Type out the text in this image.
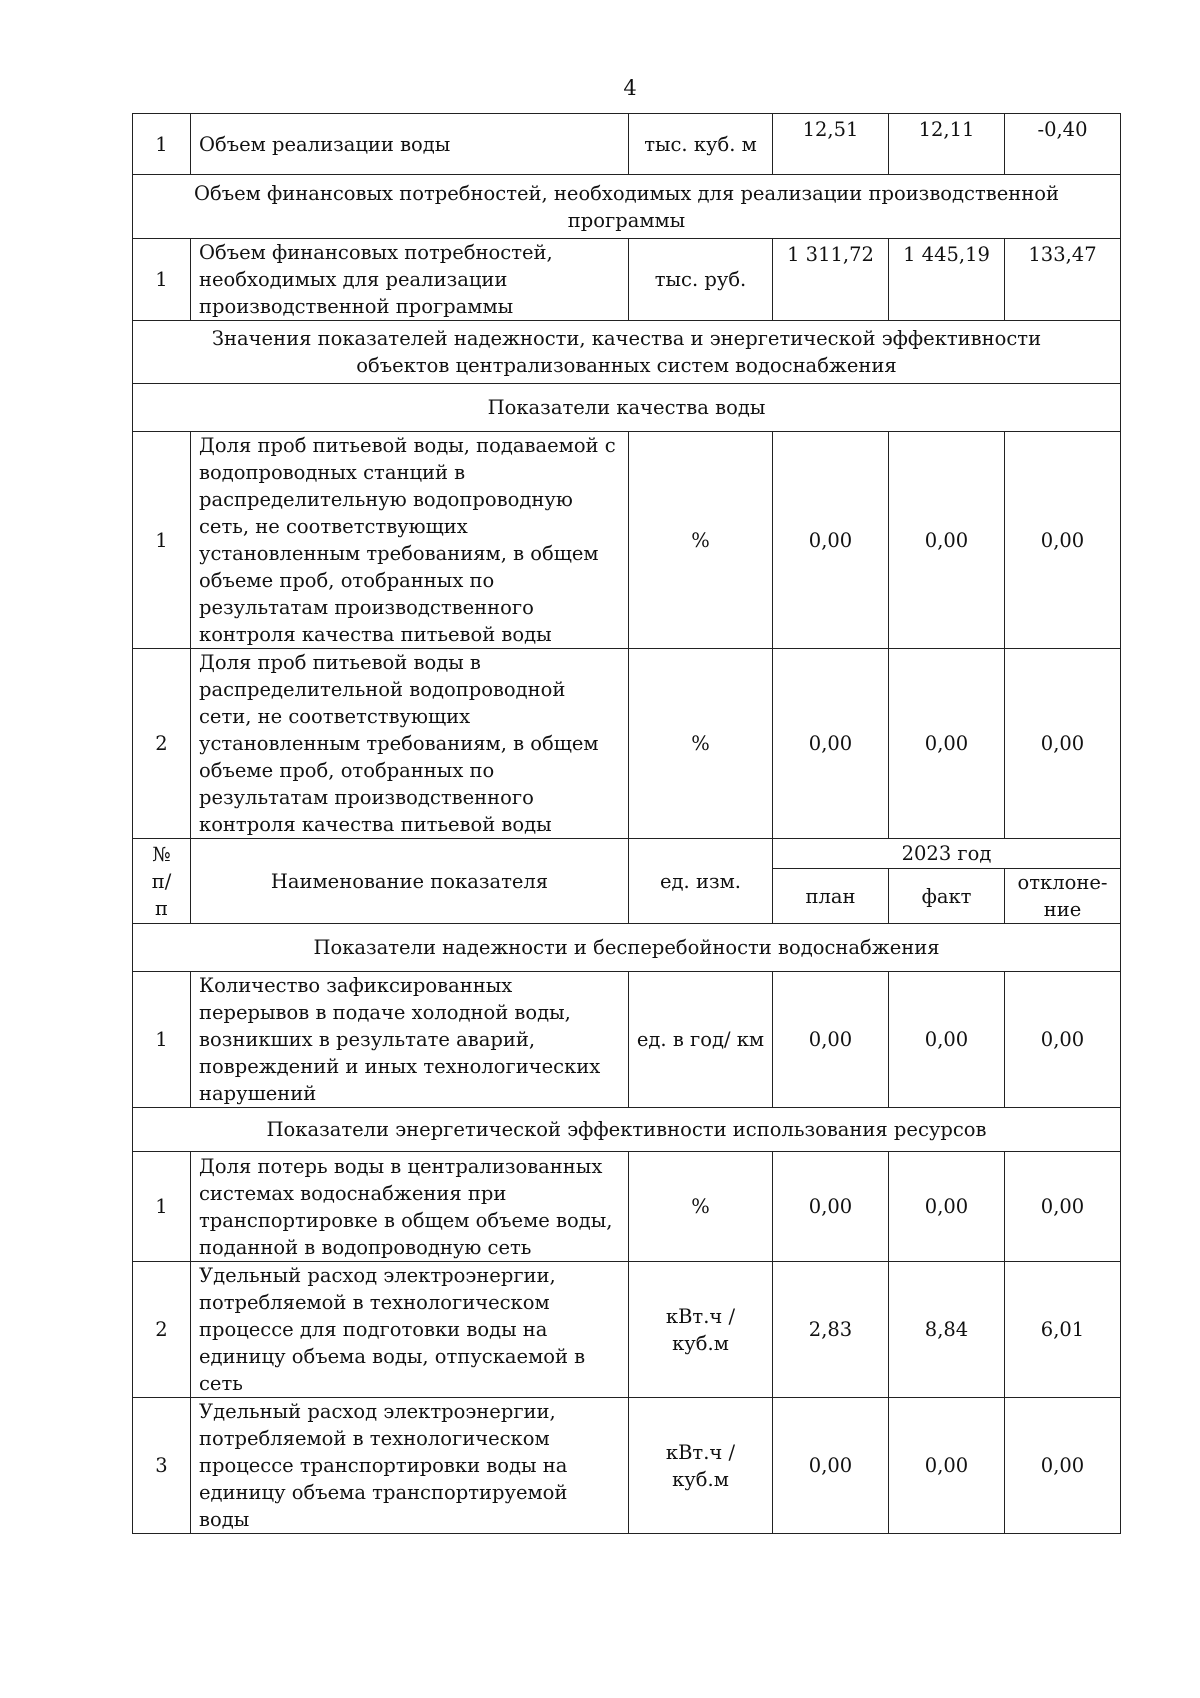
4
1	Объем реализации воды	тыс. куб. м	12,51	12,11	-0,40
Объем финансовых потребностей, необходимых для реализации производственной программы					
1	Объем финансовых потребностей, необходимых для реализации производственной программы	тыс. руб.	1 311,72	1 445,19	133,47
Значения показателей надежности, качества и энергетической эффективности объектов централизованных систем водоснабжения					
Показатели качества воды					
1	Доля проб питьевой воды, подаваемой с водопроводных станций в распределительную водопроводную сеть, не соответствующих установленным требованиям, в общем объеме проб, отобранных по результатам производственного контроля качества питьевой воды	%	0,00	0,00	0,00
2	Доля проб питьевой воды в распределительной водопроводной сети, не соответствующих установленным требованиям, в общем объеме проб, отобранных по результатам производственного контроля качества питьевой воды	%	0,00	0,00	0,00
№ п/п	Наименование показателя	ед. изм.	2023 год		
			план	факт	отклоне-ние
Показатели надежности и бесперебойности водоснабжения					
1	Количество зафиксированных перерывов в подаче холодной воды, возникших в результате аварий, повреждений и иных технологических нарушений	ед. в год/ км	0,00	0,00	0,00
Показатели энергетической эффективности использования ресурсов					
1	Доля потерь воды в централизованных системах водоснабжения при транспортировке в общем объеме воды, поданной в водопроводную сеть	%	0,00	0,00	0,00
2	Удельный расход электроэнергии, потребляемой в технологическом процессе для подготовки воды на единицу объема воды, отпускаемой в сеть	кВт.ч / куб.м	2,83	8,84	6,01
3	Удельный расход электроэнергии, потребляемой в технологическом процессе транспортировки воды на единицу объема транспортируемой воды	кВт.ч / куб.м	0,00	0,00	0,00
